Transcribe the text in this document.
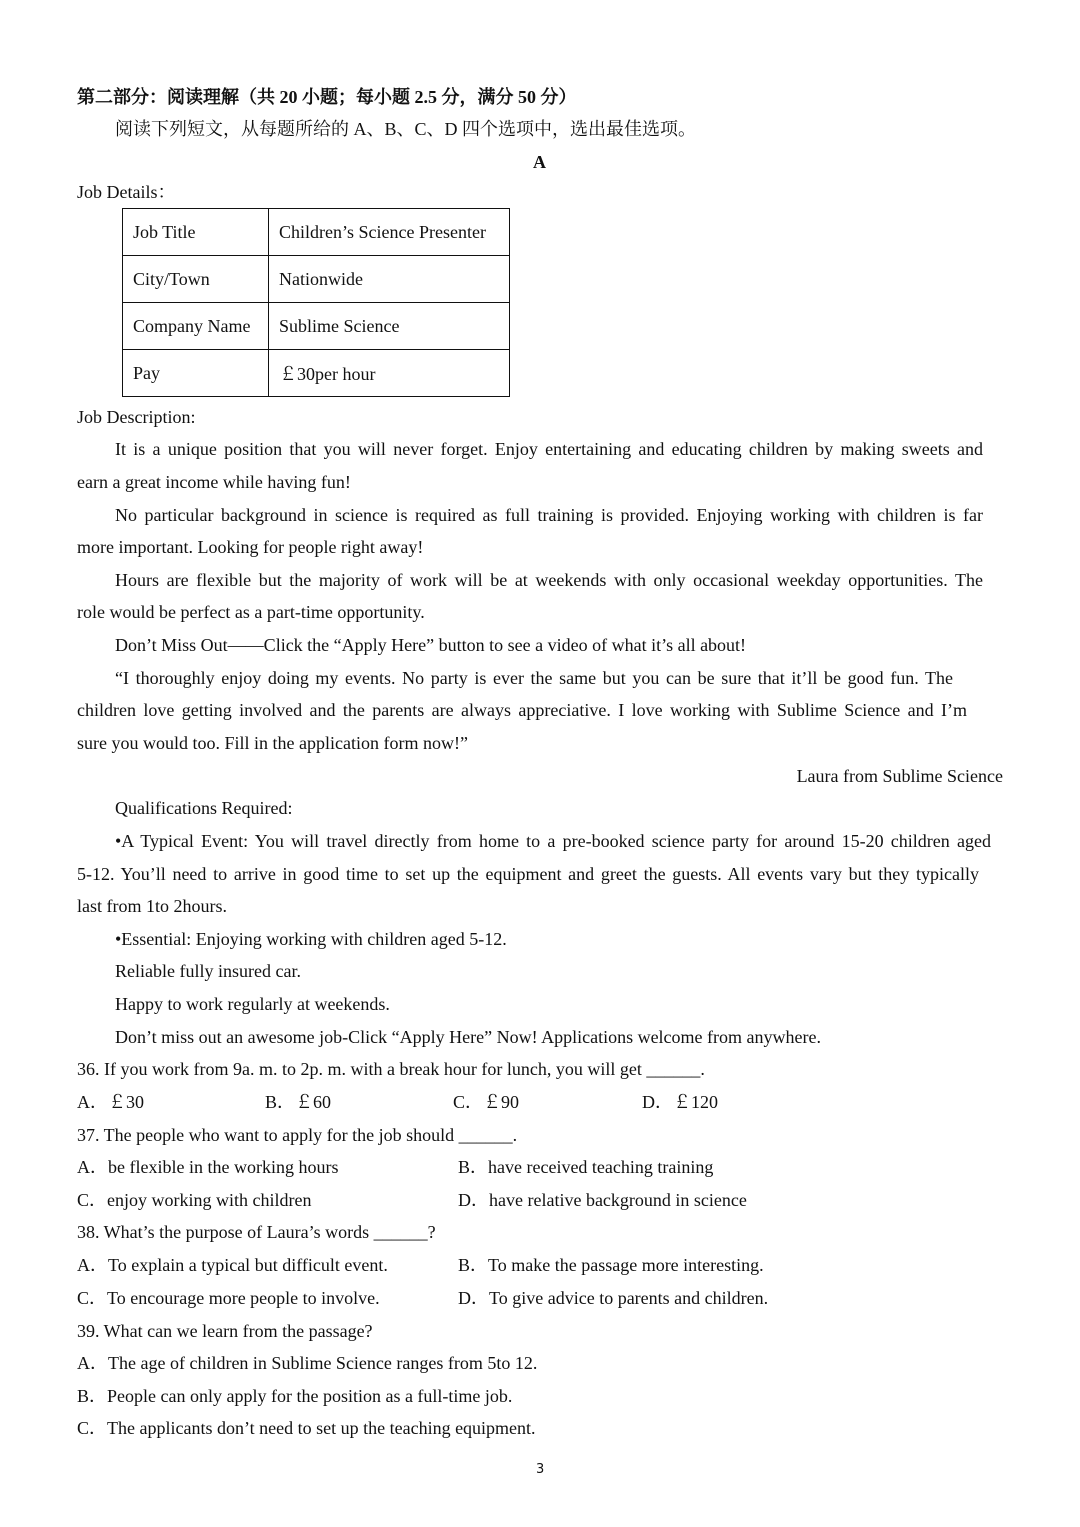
第二部分：阅读理解（共 20 小题；每小题 2.5 分，满分 50 分）
阅读下列短文，从每题所给的 A、B、C、D 四个选项中，选出最佳选项。
A
Job Details：
Job Title	Children’s Science Presenter
City/Town	Nationwide
Company Name	Sublime Science
Pay	￡30per hour
Job Description:
It is a unique position that you will never forget. Enjoy entertaining and educating children by making sweets and
earn a great income while having fun!
No particular background in science is required as full training is provided. Enjoying working with children is far
more important. Looking for people right away!
Hours are flexible but the majority of work will be at weekends with only occasional weekday opportunities. The
role would be perfect as a part-time opportunity.
Don’t Miss Out——Click the “Apply Here” button to see a video of what it’s all about!
“I thoroughly enjoy doing my events. No party is ever the same but you can be sure that it’ll be good fun. The
children love getting involved and the parents are always appreciative. I love working with Sublime Science and I’m
sure you would too. Fill in the application form now!”
Laura from Sublime Science
Qualifications Required:
•A Typical Event: You will travel directly from home to a pre-booked science party for around 15-20 children aged
5-12. You’ll need to arrive in good time to set up the equipment and greet the guests. All events vary but they typically
last from 1to 2hours.
•Essential: Enjoying working with children aged 5-12.
Reliable fully insured car.
Happy to work regularly at weekends.
Don’t miss out an awesome job-Click “Apply Here” Now! Applications welcome from anywhere.
36. If you work from 9a. m. to 2p. m. with a break hour for lunch, you will get ______.
A．￡30	B．￡60	C．￡90	D．￡120
37. The people who want to apply for the job should ______.
A．be flexible in the working hours	B．have received teaching training
C．enjoy working with children	D．have relative background in science
38. What’s the purpose of Laura’s words ______?
A．To explain a typical but difficult event.	B．To make the passage more interesting.
C．To encourage more people to involve.	D．To give advice to parents and children.
39. What can we learn from the passage?
A．The age of children in Sublime Science ranges from 5to 12.
B．People can only apply for the position as a full-time job.
C．The applicants don’t need to set up the teaching equipment.
3
